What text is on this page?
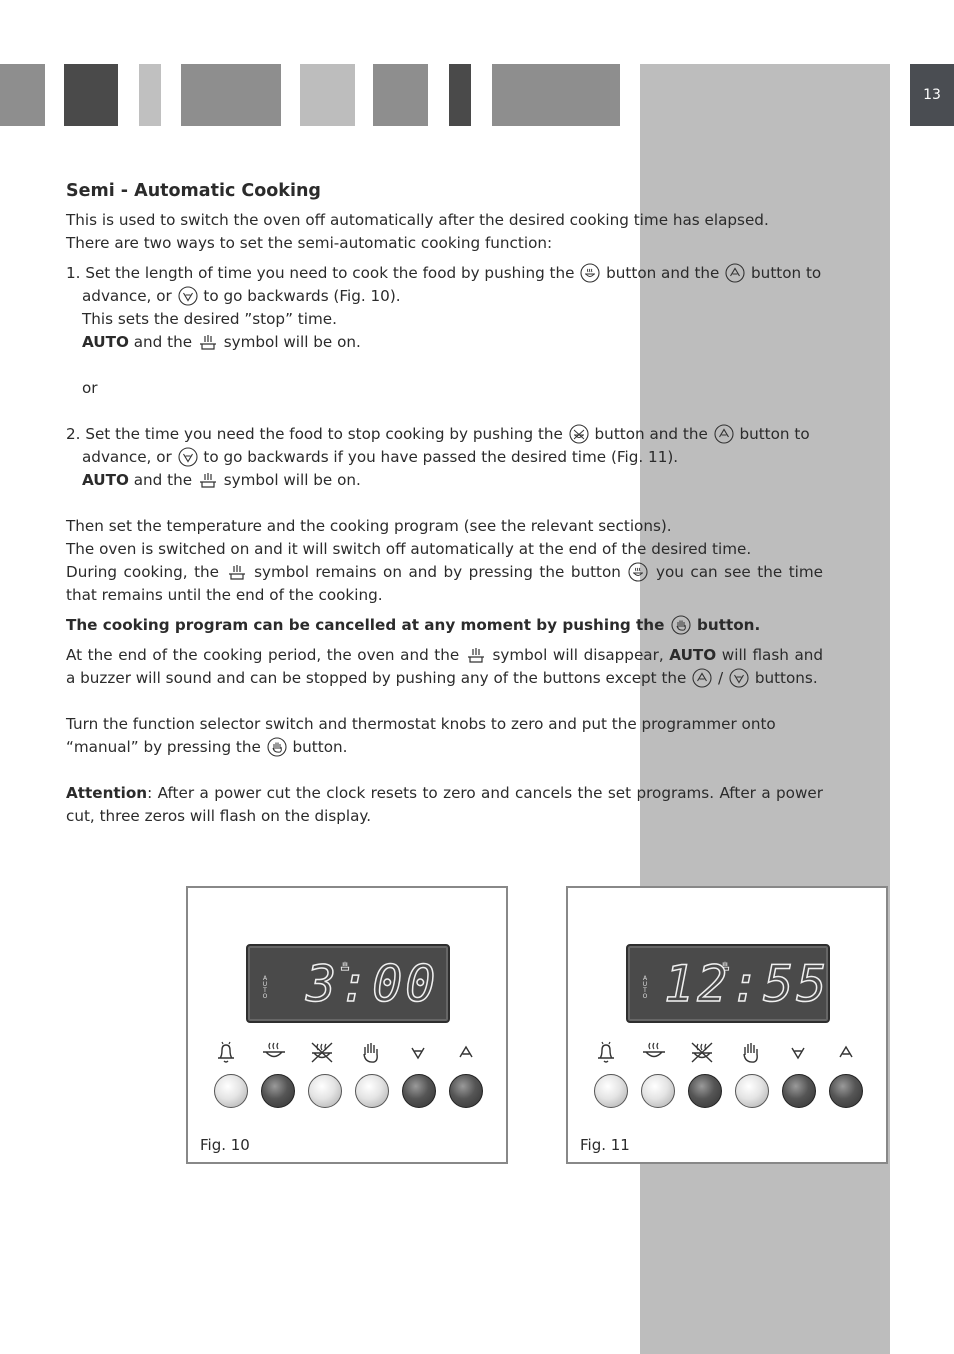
13
Semi - Automatic Cooking

This is used to switch the oven off automatically after the desired cooking time has elapsed.

There are two ways to set the semi-automatic cooking function:

1. Set the length of time you need to cook the food by pushing the button and the button to

advance, or to go backwards (Fig. 10).

This sets the desired ”stop” time.

AUTO and the symbol will be on.

or

2. Set the time you need the food to stop cooking by pushing the button and the button to

advance, or to go backwards if you have passed the desired time (Fig. 11).

AUTO and the symbol will be on.

Then set the temperature and the cooking program (see the relevant sections).

The oven is switched on and it will switch off automatically at the end of the desired time.

During cooking, the symbol remains on and by pressing the button you can see the time that remains until the end of the cooking.

The cooking program can be cancelled at any moment by pushing the button.

At the end of the cooking period, the oven and the symbol will disappear, AUTO will flash and a buzzer will sound and can be stopped by pushing any of the buttons except the / buttons.

Turn the function selector switch and thermostat knobs to zero and put the programmer onto “manual” by pressing the button.

Attention: After a power cut the clock resets to zero and cancels the set programs. After a power cut, three zeros will flash on the display.

A
U
T
O 3:00
Fig. 10
A
U
T
O 12:55
Fig. 11
